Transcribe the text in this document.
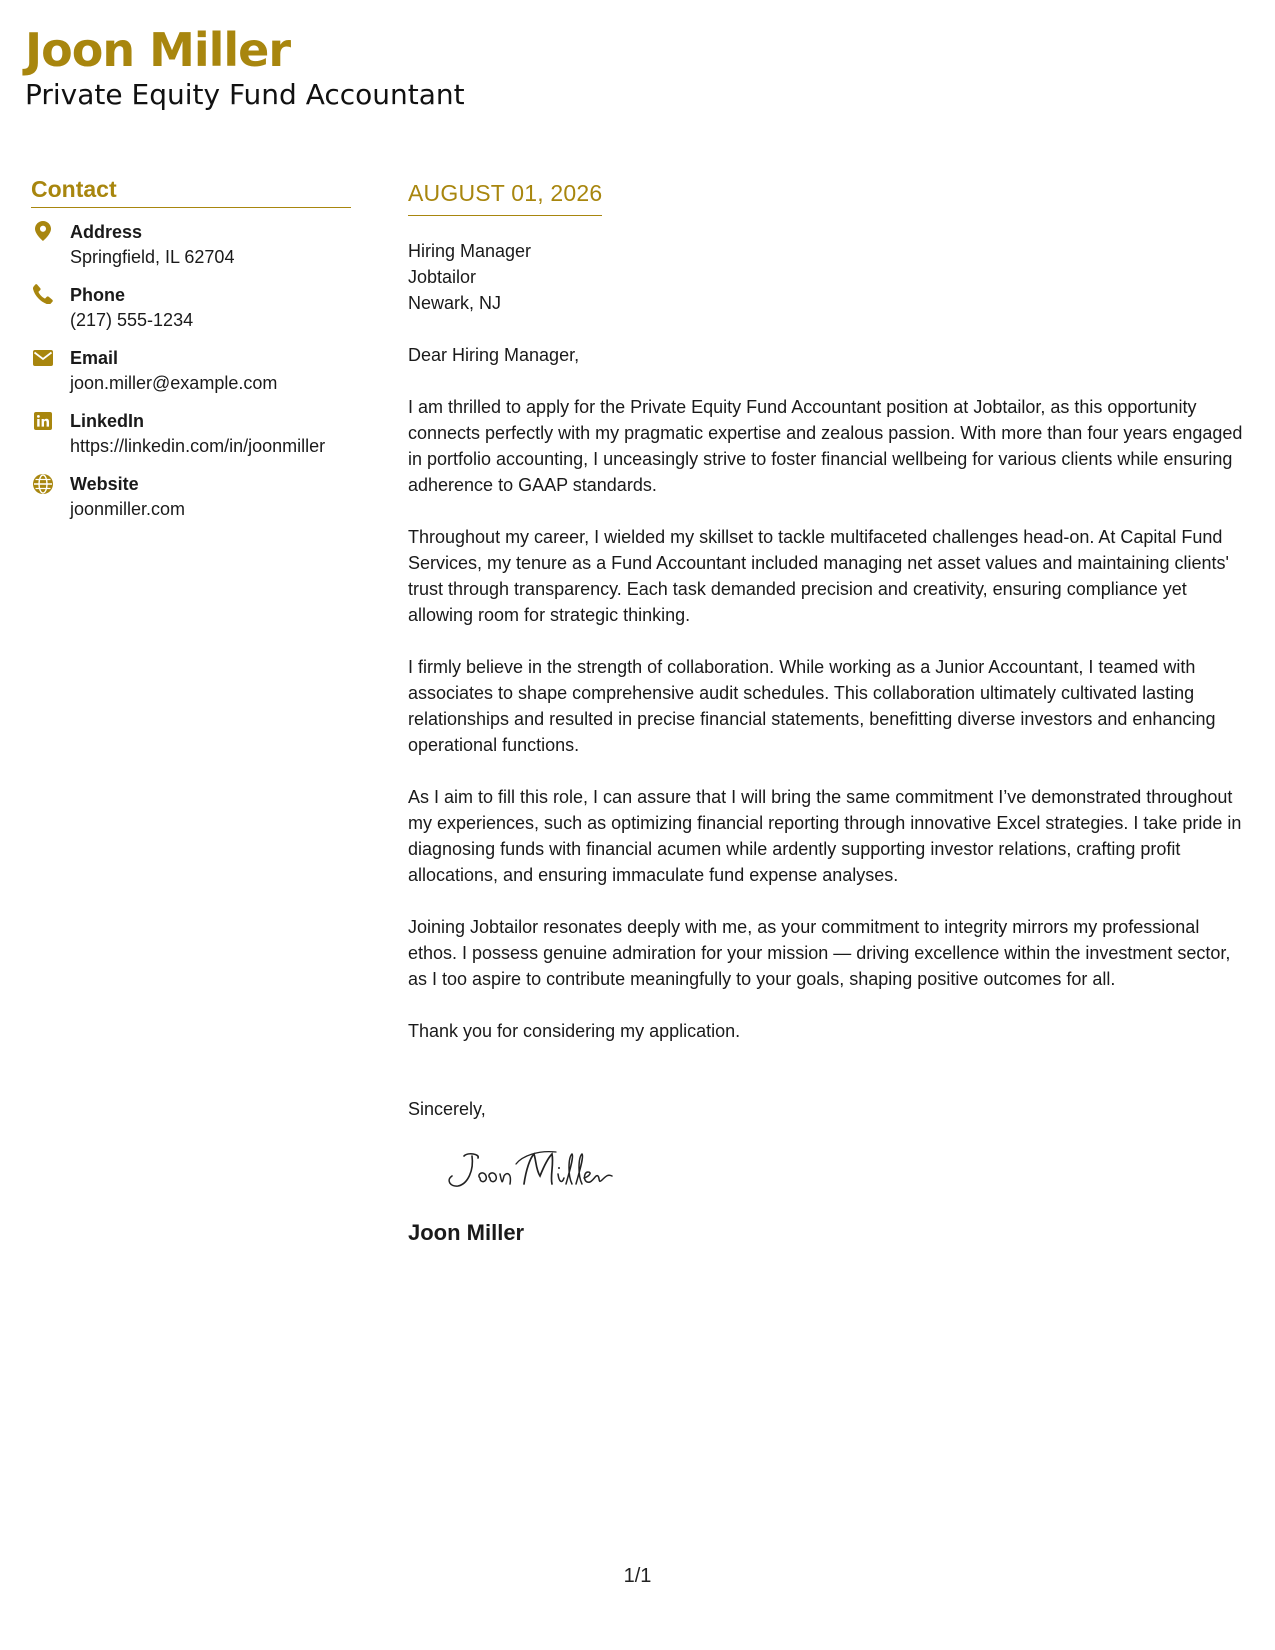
Joon Miller

Private Equity Fund Accountant

Contact
Address
Springfield, IL 62704
Phone
(217) 555-1234
Email
joon.miller@example.com
LinkedIn
https://linkedin.com/in/joonmiller
Website
joonmiller.com
AUGUST 01, 2026
Hiring Manager
Jobtailor
Newark, NJ

Dear Hiring Manager,

I am thrilled to apply for the Private Equity Fund Accountant position at Jobtailor, as this opportunity connects perfectly with my pragmatic expertise and zealous passion. With more than four years engaged in portfolio accounting, I unceasingly strive to foster financial wellbeing for various clients while ensuring adherence to GAAP standards.

Throughout my career, I wielded my skillset to tackle multifaceted challenges head-on. At Capital Fund Services, my tenure as a Fund Accountant included managing net asset values and maintaining clients' trust through transparency. Each task demanded precision and creativity, ensuring compliance yet allowing room for strategic thinking.

I firmly believe in the strength of collaboration. While working as a Junior Accountant, I teamed with associates to shape comprehensive audit schedules. This collaboration ultimately cultivated lasting relationships and resulted in precise financial statements, benefitting diverse investors and enhancing operational functions.

As I aim to fill this role, I can assure that I will bring the same commitment I’ve demonstrated throughout my experiences, such as optimizing financial reporting through innovative Excel strategies. I take pride in diagnosing funds with financial acumen while ardently supporting investor relations, crafting profit allocations, and ensuring immaculate fund expense analyses.

Joining Jobtailor resonates deeply with me, as your commitment to integrity mirrors my professional ethos. I possess genuine admiration for your mission — driving excellence within the investment sector, as I too aspire to contribute meaningfully to your goals, shaping positive outcomes for all.

Thank you for considering my application.

Sincerely,

Joon Miller
1/1
